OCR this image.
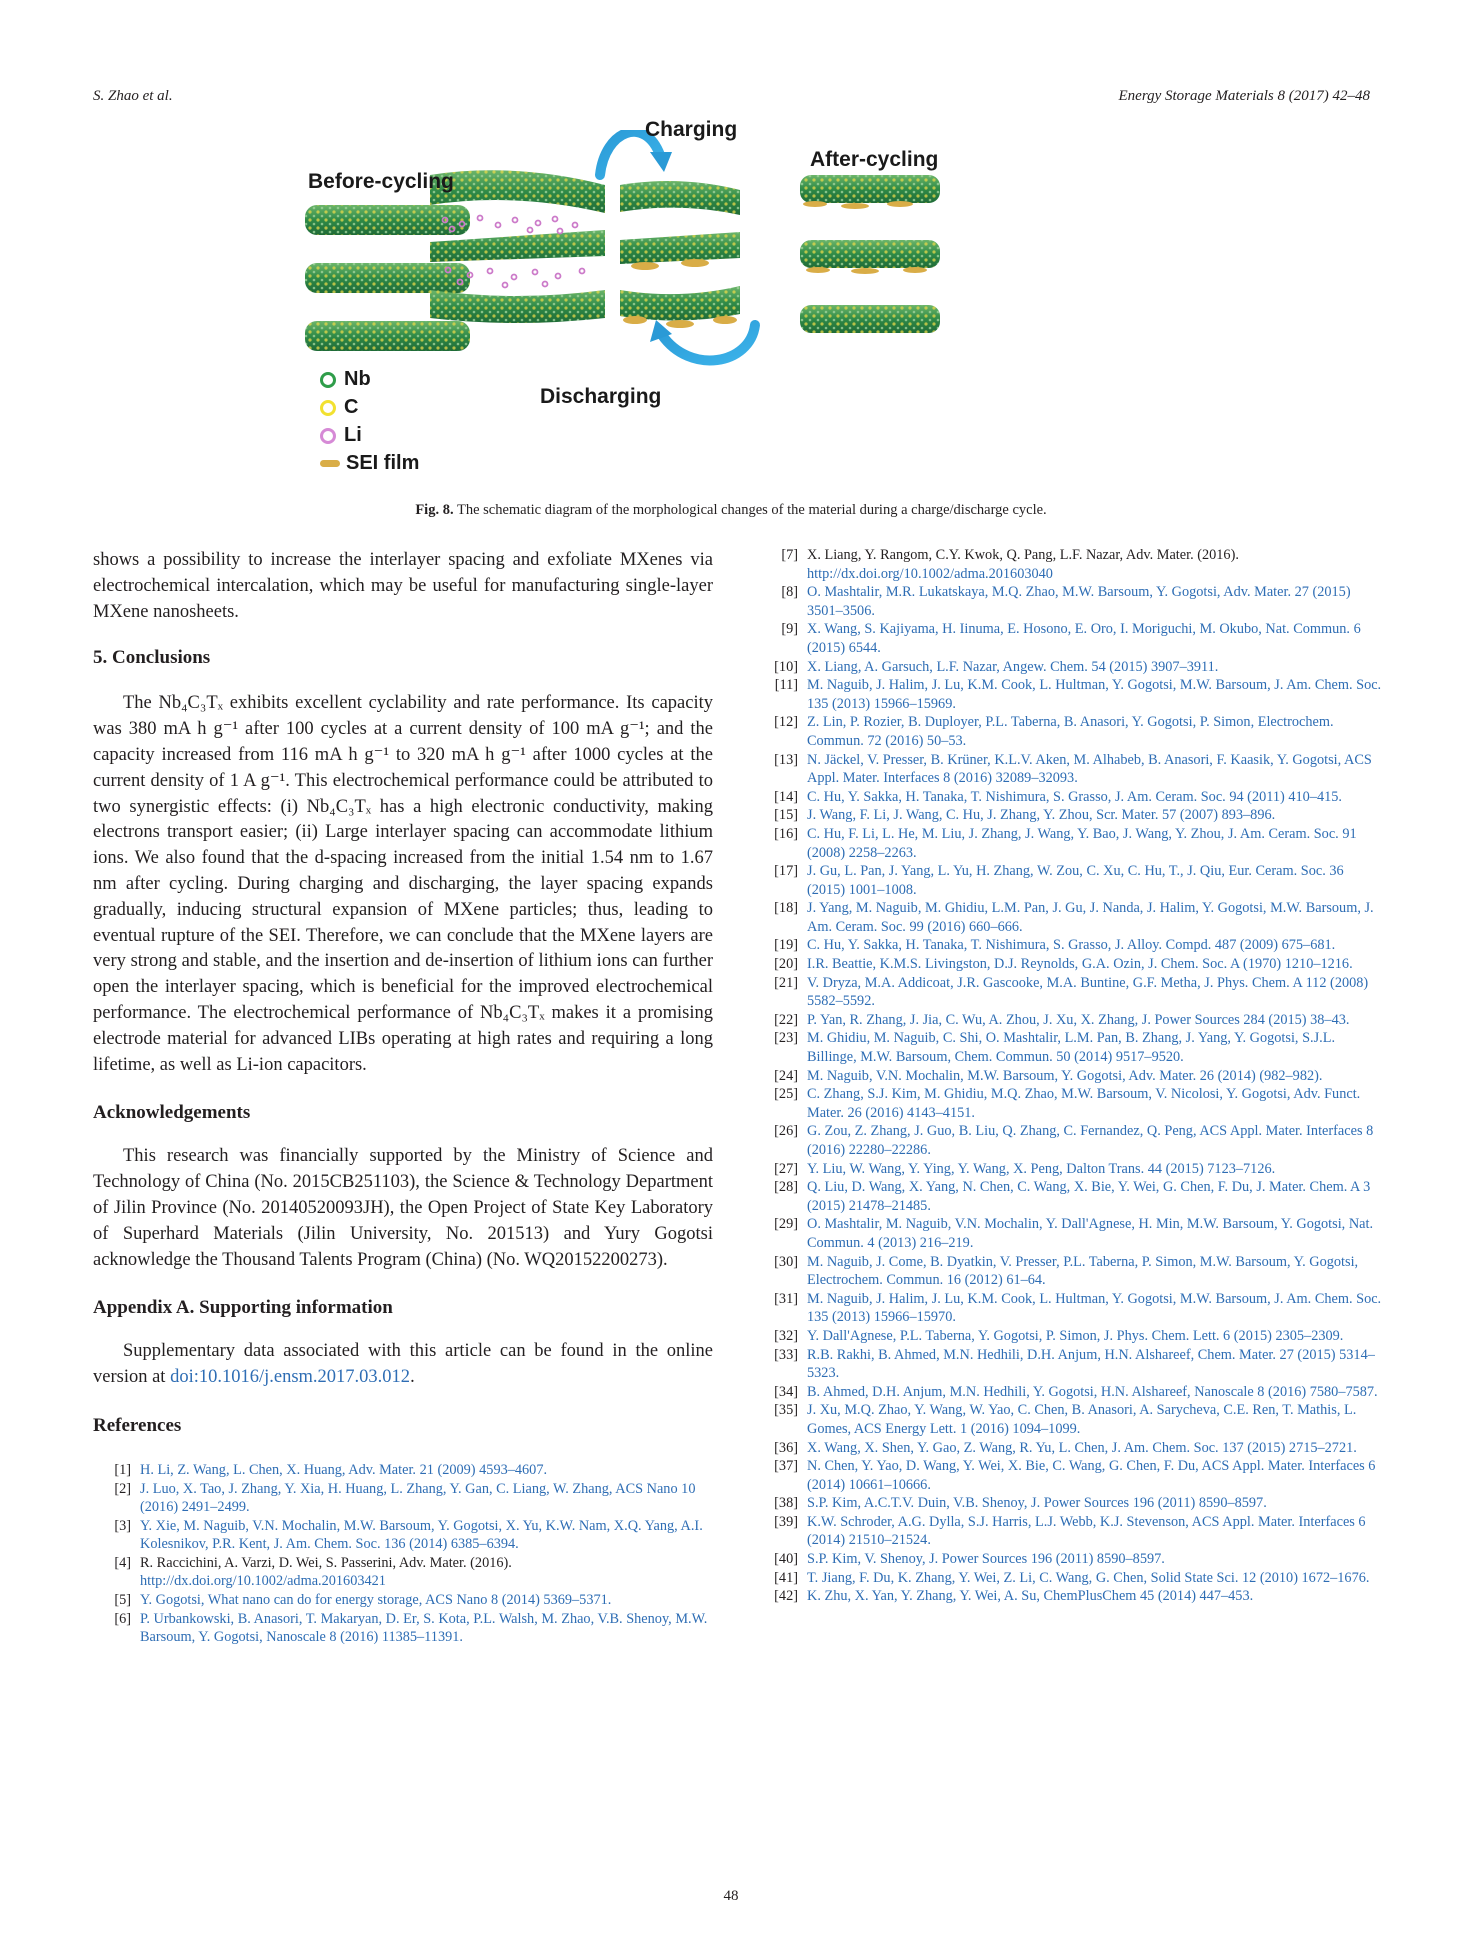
S. Zhao et al.	Energy Storage Materials 8 (2017) 42–48
Before-cycling
After-cycling
Charging
Discharging
Nb
C
Li
SEI film
Fig. 8. The schematic diagram of the morphological changes of the material during a charge/discharge cycle.

shows a possibility to increase the interlayer spacing and exfoliate MXenes via electrochemical intercalation, which may be useful for manufacturing single-layer MXene nanosheets.

5. Conclusions

The Nb₄C₃Tₓ exhibits excellent cyclability and rate performance. Its capacity was 380 mA h g⁻¹ after 100 cycles at a current density of 100 mA g⁻¹; and the capacity increased from 116 mA h g⁻¹ to 320 mA h g⁻¹ after 1000 cycles at the current density of 1 A g⁻¹. This electrochemical performance could be attributed to two synergistic effects: (i) Nb₄C₃Tₓ has a high electronic conductivity, making electrons transport easier; (ii) Large interlayer spacing can accommodate lithium ions. We also found that the d-spacing increased from the initial 1.54 nm to 1.67 nm after cycling. During charging and discharging, the layer spacing expands gradually, inducing structural expansion of MXene particles; thus, leading to eventual rupture of the SEI. Therefore, we can conclude that the MXene layers are very strong and stable, and the insertion and de-insertion of lithium ions can further open the interlayer spacing, which is beneficial for the improved electrochemical performance. The electrochemical performance of Nb₄C₃Tₓ makes it a promising electrode material for advanced LIBs operating at high rates and requiring a long lifetime, as well as Li-ion capacitors.

Acknowledgements

This research was financially supported by the Ministry of Science and Technology of China (No. 2015CB251103), the Science & Technology Department of Jilin Province (No. 20140520093JH), the Open Project of State Key Laboratory of Superhard Materials (Jilin University, No. 201513) and Yury Gogotsi acknowledge the Thousand Talents Program (China) (No. WQ20152200273).

Appendix A. Supporting information

Supplementary data associated with this article can be found in the online version at doi:10.1016/j.ensm.2017.03.012.

References

[1] H. Li, Z. Wang, L. Chen, X. Huang, Adv. Mater. 21 (2009) 4593–4607.
[2] J. Luo, X. Tao, J. Zhang, Y. Xia, H. Huang, L. Zhang, Y. Gan, C. Liang, W. Zhang, ACS Nano 10 (2016) 2491–2499.
[3] Y. Xie, M. Naguib, V.N. Mochalin, M.W. Barsoum, Y. Gogotsi, X. Yu, K.W. Nam, X.Q. Yang, A.I. Kolesnikov, P.R. Kent, J. Am. Chem. Soc. 136 (2014) 6385–6394.
[4] R. Raccichini, A. Varzi, D. Wei, S. Passerini, Adv. Mater. (2016). http://dx.doi.org/10.1002/adma.201603421
[5] Y. Gogotsi, What nano can do for energy storage, ACS Nano 8 (2014) 5369–5371.
[6] P. Urbankowski, B. Anasori, T. Makaryan, D. Er, S. Kota, P.L. Walsh, M. Zhao, V.B. Shenoy, M.W. Barsoum, Y. Gogotsi, Nanoscale 8 (2016) 11385–11391.
[7] X. Liang, Y. Rangom, C.Y. Kwok, Q. Pang, L.F. Nazar, Adv. Mater. (2016). http://dx.doi.org/10.1002/adma.201603040
[8] O. Mashtalir, M.R. Lukatskaya, M.Q. Zhao, M.W. Barsoum, Y. Gogotsi, Adv. Mater. 27 (2015) 3501–3506.
[9] X. Wang, S. Kajiyama, H. Iinuma, E. Hosono, E. Oro, I. Moriguchi, M. Okubo, Nat. Commun. 6 (2015) 6544.
[10] X. Liang, A. Garsuch, L.F. Nazar, Angew. Chem. 54 (2015) 3907–3911.
[11] M. Naguib, J. Halim, J. Lu, K.M. Cook, L. Hultman, Y. Gogotsi, M.W. Barsoum, J. Am. Chem. Soc. 135 (2013) 15966–15969.
[12] Z. Lin, P. Rozier, B. Duployer, P.L. Taberna, B. Anasori, Y. Gogotsi, P. Simon, Electrochem. Commun. 72 (2016) 50–53.
[13] N. Jäckel, V. Presser, B. Krüner, K.L.V. Aken, M. Alhabeb, B. Anasori, F. Kaasik, Y. Gogotsi, ACS Appl. Mater. Interfaces 8 (2016) 32089–32093.
[14] C. Hu, Y. Sakka, H. Tanaka, T. Nishimura, S. Grasso, J. Am. Ceram. Soc. 94 (2011) 410–415.
[15] J. Wang, F. Li, J. Wang, C. Hu, J. Zhang, Y. Zhou, Scr. Mater. 57 (2007) 893–896.
[16] C. Hu, F. Li, L. He, M. Liu, J. Zhang, J. Wang, Y. Bao, J. Wang, Y. Zhou, J. Am. Ceram. Soc. 91 (2008) 2258–2263.
[17] J. Gu, L. Pan, J. Yang, L. Yu, H. Zhang, W. Zou, C. Xu, C. Hu, T., J. Qiu, Eur. Ceram. Soc. 36 (2015) 1001–1008.
[18] J. Yang, M. Naguib, M. Ghidiu, L.M. Pan, J. Gu, J. Nanda, J. Halim, Y. Gogotsi, M.W. Barsoum, J. Am. Ceram. Soc. 99 (2016) 660–666.
[19] C. Hu, Y. Sakka, H. Tanaka, T. Nishimura, S. Grasso, J. Alloy. Compd. 487 (2009) 675–681.
[20] I.R. Beattie, K.M.S. Livingston, D.J. Reynolds, G.A. Ozin, J. Chem. Soc. A (1970) 1210–1216.
[21] V. Dryza, M.A. Addicoat, J.R. Gascooke, M.A. Buntine, G.F. Metha, J. Phys. Chem. A 112 (2008) 5582–5592.
[22] P. Yan, R. Zhang, J. Jia, C. Wu, A. Zhou, J. Xu, X. Zhang, J. Power Sources 284 (2015) 38–43.
[23] M. Ghidiu, M. Naguib, C. Shi, O. Mashtalir, L.M. Pan, B. Zhang, J. Yang, Y. Gogotsi, S.J.L. Billinge, M.W. Barsoum, Chem. Commun. 50 (2014) 9517–9520.
[24] M. Naguib, V.N. Mochalin, M.W. Barsoum, Y. Gogotsi, Adv. Mater. 26 (2014) (982–982).
[25] C. Zhang, S.J. Kim, M. Ghidiu, M.Q. Zhao, M.W. Barsoum, V. Nicolosi, Y. Gogotsi, Adv. Funct. Mater. 26 (2016) 4143–4151.
[26] G. Zou, Z. Zhang, J. Guo, B. Liu, Q. Zhang, C. Fernandez, Q. Peng, ACS Appl. Mater. Interfaces 8 (2016) 22280–22286.
[27] Y. Liu, W. Wang, Y. Ying, Y. Wang, X. Peng, Dalton Trans. 44 (2015) 7123–7126.
[28] Q. Liu, D. Wang, X. Yang, N. Chen, C. Wang, X. Bie, Y. Wei, G. Chen, F. Du, J. Mater. Chem. A 3 (2015) 21478–21485.
[29] O. Mashtalir, M. Naguib, V.N. Mochalin, Y. Dall'Agnese, H. Min, M.W. Barsoum, Y. Gogotsi, Nat. Commun. 4 (2013) 216–219.
[30] M. Naguib, J. Come, B. Dyatkin, V. Presser, P.L. Taberna, P. Simon, M.W. Barsoum, Y. Gogotsi, Electrochem. Commun. 16 (2012) 61–64.
[31] M. Naguib, J. Halim, J. Lu, K.M. Cook, L. Hultman, Y. Gogotsi, M.W. Barsoum, J. Am. Chem. Soc. 135 (2013) 15966–15970.
[32] Y. Dall'Agnese, P.L. Taberna, Y. Gogotsi, P. Simon, J. Phys. Chem. Lett. 6 (2015) 2305–2309.
[33] R.B. Rakhi, B. Ahmed, M.N. Hedhili, D.H. Anjum, H.N. Alshareef, Chem. Mater. 27 (2015) 5314–5323.
[34] B. Ahmed, D.H. Anjum, M.N. Hedhili, Y. Gogotsi, H.N. Alshareef, Nanoscale 8 (2016) 7580–7587.
[35] J. Xu, M.Q. Zhao, Y. Wang, W. Yao, C. Chen, B. Anasori, A. Sarycheva, C.E. Ren, T. Mathis, L. Gomes, ACS Energy Lett. 1 (2016) 1094–1099.
[36] X. Wang, X. Shen, Y. Gao, Z. Wang, R. Yu, L. Chen, J. Am. Chem. Soc. 137 (2015) 2715–2721.
[37] N. Chen, Y. Yao, D. Wang, Y. Wei, X. Bie, C. Wang, G. Chen, F. Du, ACS Appl. Mater. Interfaces 6 (2014) 10661–10666.
[38] S.P. Kim, A.C.T.V. Duin, V.B. Shenoy, J. Power Sources 196 (2011) 8590–8597.
[39] K.W. Schroder, A.G. Dylla, S.J. Harris, L.J. Webb, K.J. Stevenson, ACS Appl. Mater. Interfaces 6 (2014) 21510–21524.
[40] S.P. Kim, V. Shenoy, J. Power Sources 196 (2011) 8590–8597.
[41] T. Jiang, F. Du, K. Zhang, Y. Wei, Z. Li, C. Wang, G. Chen, Solid State Sci. 12 (2010) 1672–1676.
[42] K. Zhu, X. Yan, Y. Zhang, Y. Wei, A. Su, ChemPlusChem 45 (2014) 447–453.
48
